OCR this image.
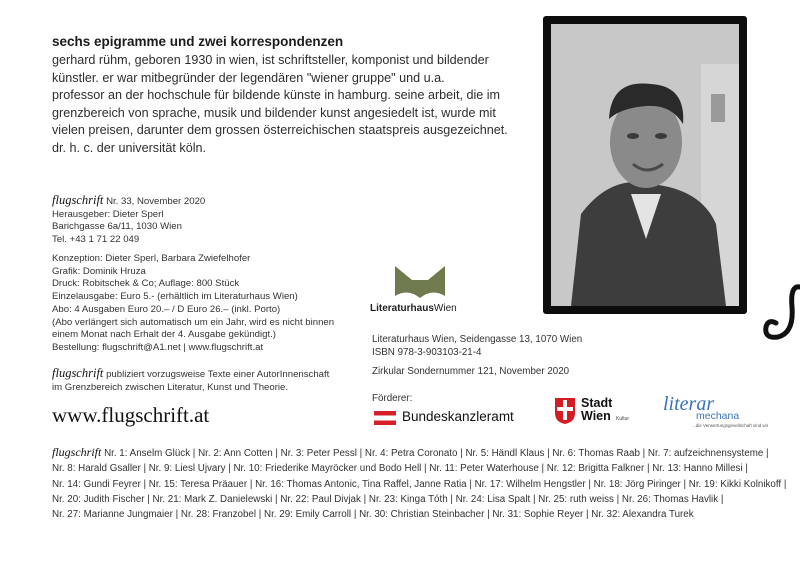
sechs epigramme und zwei korrespondenzen
gerhard rühm, geboren 1930 in wien, ist schriftsteller, komponist und bildender
künstler. er war mitbegründer der legendären "wiener gruppe" und u.a.
professor an der hochschule für bildende künste in hamburg. seine arbeit, die im
grenzbereich von sprache, musik und bildender kunst angesiedelt ist, wurde mit
vielen preisen, darunter dem grossen österreichischen staatspreis ausgezeichnet.
dr. h. c. der universität köln.
flugschrift Nr. 33, November 2020
Herausgeber: Dieter Sperl
Barichgasse 6a/11, 1030 Wien
Tel. +43 1 71 22 049
Konzeption: Dieter Sperl, Barbara Zwiefelhofer
Grafik: Dominik Hruza
Druck: Robitschek & Co; Auflage: 800 Stück
Einzelausgabe: Euro 5.- (erhältlich im Literaturhaus Wien)
Abo: 4 Ausgaben Euro 20.– / D Euro 26.– (inkl. Porto)
(Abo verlängert sich automatisch um ein Jahr, wird es nicht binnen
einem Monat nach Erhalt der 4. Ausgabe gekündigt.)
Bestellung: flugschrift@A1.net | www.flugschrift.at
flugschrift publiziert vorzugsweise Texte einer AutorInnenschaft
im Grenzbereich zwischen Literatur, Kunst und Theorie.
www.flugschrift.at
LiteraturhausWien
Literaturhaus Wien, Seidengasse 13, 1070 Wien
ISBN 978-3-903103-21-4
Zirkular Sondernummer 121, November 2020
Förderer:
Bundeskanzleramt
Stadt
Wien	Kultur
literar
mechana
...die Verwertungsgesellschaft sind wir
flugschrift Nr. 1: Anselm Glück | Nr. 2: Ann Cotten | Nr. 3: Peter Pessl | Nr. 4: Petra Coronato | Nr. 5: Händl Klaus | Nr. 6: Thomas Raab | Nr. 7: aufzeichnensysteme |
Nr. 8: Harald Gsaller | Nr. 9: Liesl Ujvary | Nr. 10: Friederike Mayröcker und Bodo Hell | Nr. 11: Peter Waterhouse | Nr. 12: Brigitta Falkner | Nr. 13: Hanno Millesi |
Nr. 14: Gundi Feyrer | Nr. 15: Teresa Präauer | Nr. 16: Thomas Antonic, Tina Raffel, Janne Ratia | Nr. 17: Wilhelm Hengstler | Nr. 18: Jörg Piringer | Nr. 19: Kikki Kolnikoff |
Nr. 20: Judith Fischer | Nr. 21: Mark Z. Danielewski | Nr. 22: Paul Divjak | Nr. 23: Kinga Tóth | Nr. 24: Lisa Spalt | Nr. 25: ruth weiss | Nr. 26: Thomas Havlik |
Nr. 27: Marianne Jungmaier | Nr. 28: Franzobel | Nr. 29: Emily Carroll | Nr. 30: Christian Steinbacher | Nr. 31: Sophie Reyer | Nr. 32: Alexandra Turek
